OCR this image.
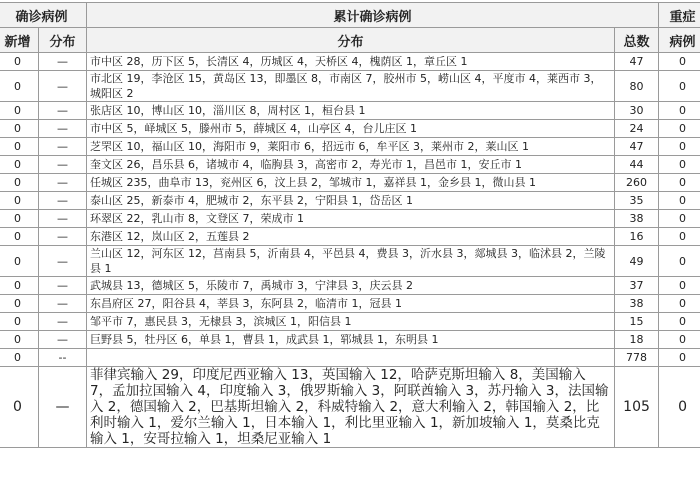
确诊病例		累计确诊病例		重症
新增	分布	分布	总数	病例
0	—	市中区 28，历下区 5，长清区 4，历城区 4，天桥区 4，槐荫区 1，章丘区 1	47	0
0	—	市北区 19，李沧区 15，黄岛区 13，即墨区 8，市南区 7，胶州市 5，崂山区 4，平度市 4，莱西市 3，城阳区 2	80	0
0	—	张店区 10，博山区 10，淄川区 8，周村区 1，桓台县 1	30	0
0	—	市中区 5，峄城区 5，滕州市 5，薛城区 4，山亭区 4，台儿庄区 1	24	0
0	—	芝罘区 10，福山区 10，海阳市 9，莱阳市 6，招远市 6，牟平区 3，莱州市 2，莱山区 1	47	0
0	—	奎文区 26，昌乐县 6，诸城市 4，临朐县 3，高密市 2，寿光市 1，昌邑市 1，安丘市 1	44	0
0	—	任城区 235，曲阜市 13，兖州区 6，汶上县 2，邹城市 1，嘉祥县 1，金乡县 1，微山县 1	260	0
0	—	泰山区 25，新泰市 4，肥城市 2，东平县 2，宁阳县 1，岱岳区 1	35	0
0	—	环翠区 22，乳山市 8，文登区 7，荣成市 1	38	0
0	—	东港区 12，岚山区 2，五莲县 2	16	0
0	—	兰山区 12，河东区 12，莒南县 5，沂南县 4，平邑县 4，费县 3，沂水县 3，郯城县 3，临沭县 2，兰陵县 1	49	0
0	—	武城县 13，德城区 5，乐陵市 7，禹城市 3，宁津县 3，庆云县 2	37	0
0	—	东昌府区 27，阳谷县 4，莘县 3，东阿县 2，临清市 1，冠县 1	38	0
0	—	邹平市 7，惠民县 3，无棣县 3，滨城区 1，阳信县 1	15	0
0	—	巨野县 5，牡丹区 6，单县 1，曹县 1，成武县 1，郓城县 1，东明县 1	18	0
0	--		778	0
0	—	菲律宾输入 29，印度尼西亚输入 13，英国输入 12，哈萨克斯坦输入 8，美国输入 7，孟加拉国输入 4，印度输入 3，俄罗斯输入 3，阿联酋输入 3，苏丹输入 3，法国输入 2，德国输入 2，巴基斯坦输入 2，科威特输入 2，意大利输入 2，韩国输入 2，比利时输入 1，爱尔兰输入 1，日本输入 1，利比里亚输入 1，新加坡输入 1，莫桑比克输入 1，安哥拉输入 1，坦桑尼亚输入 1	105	0
